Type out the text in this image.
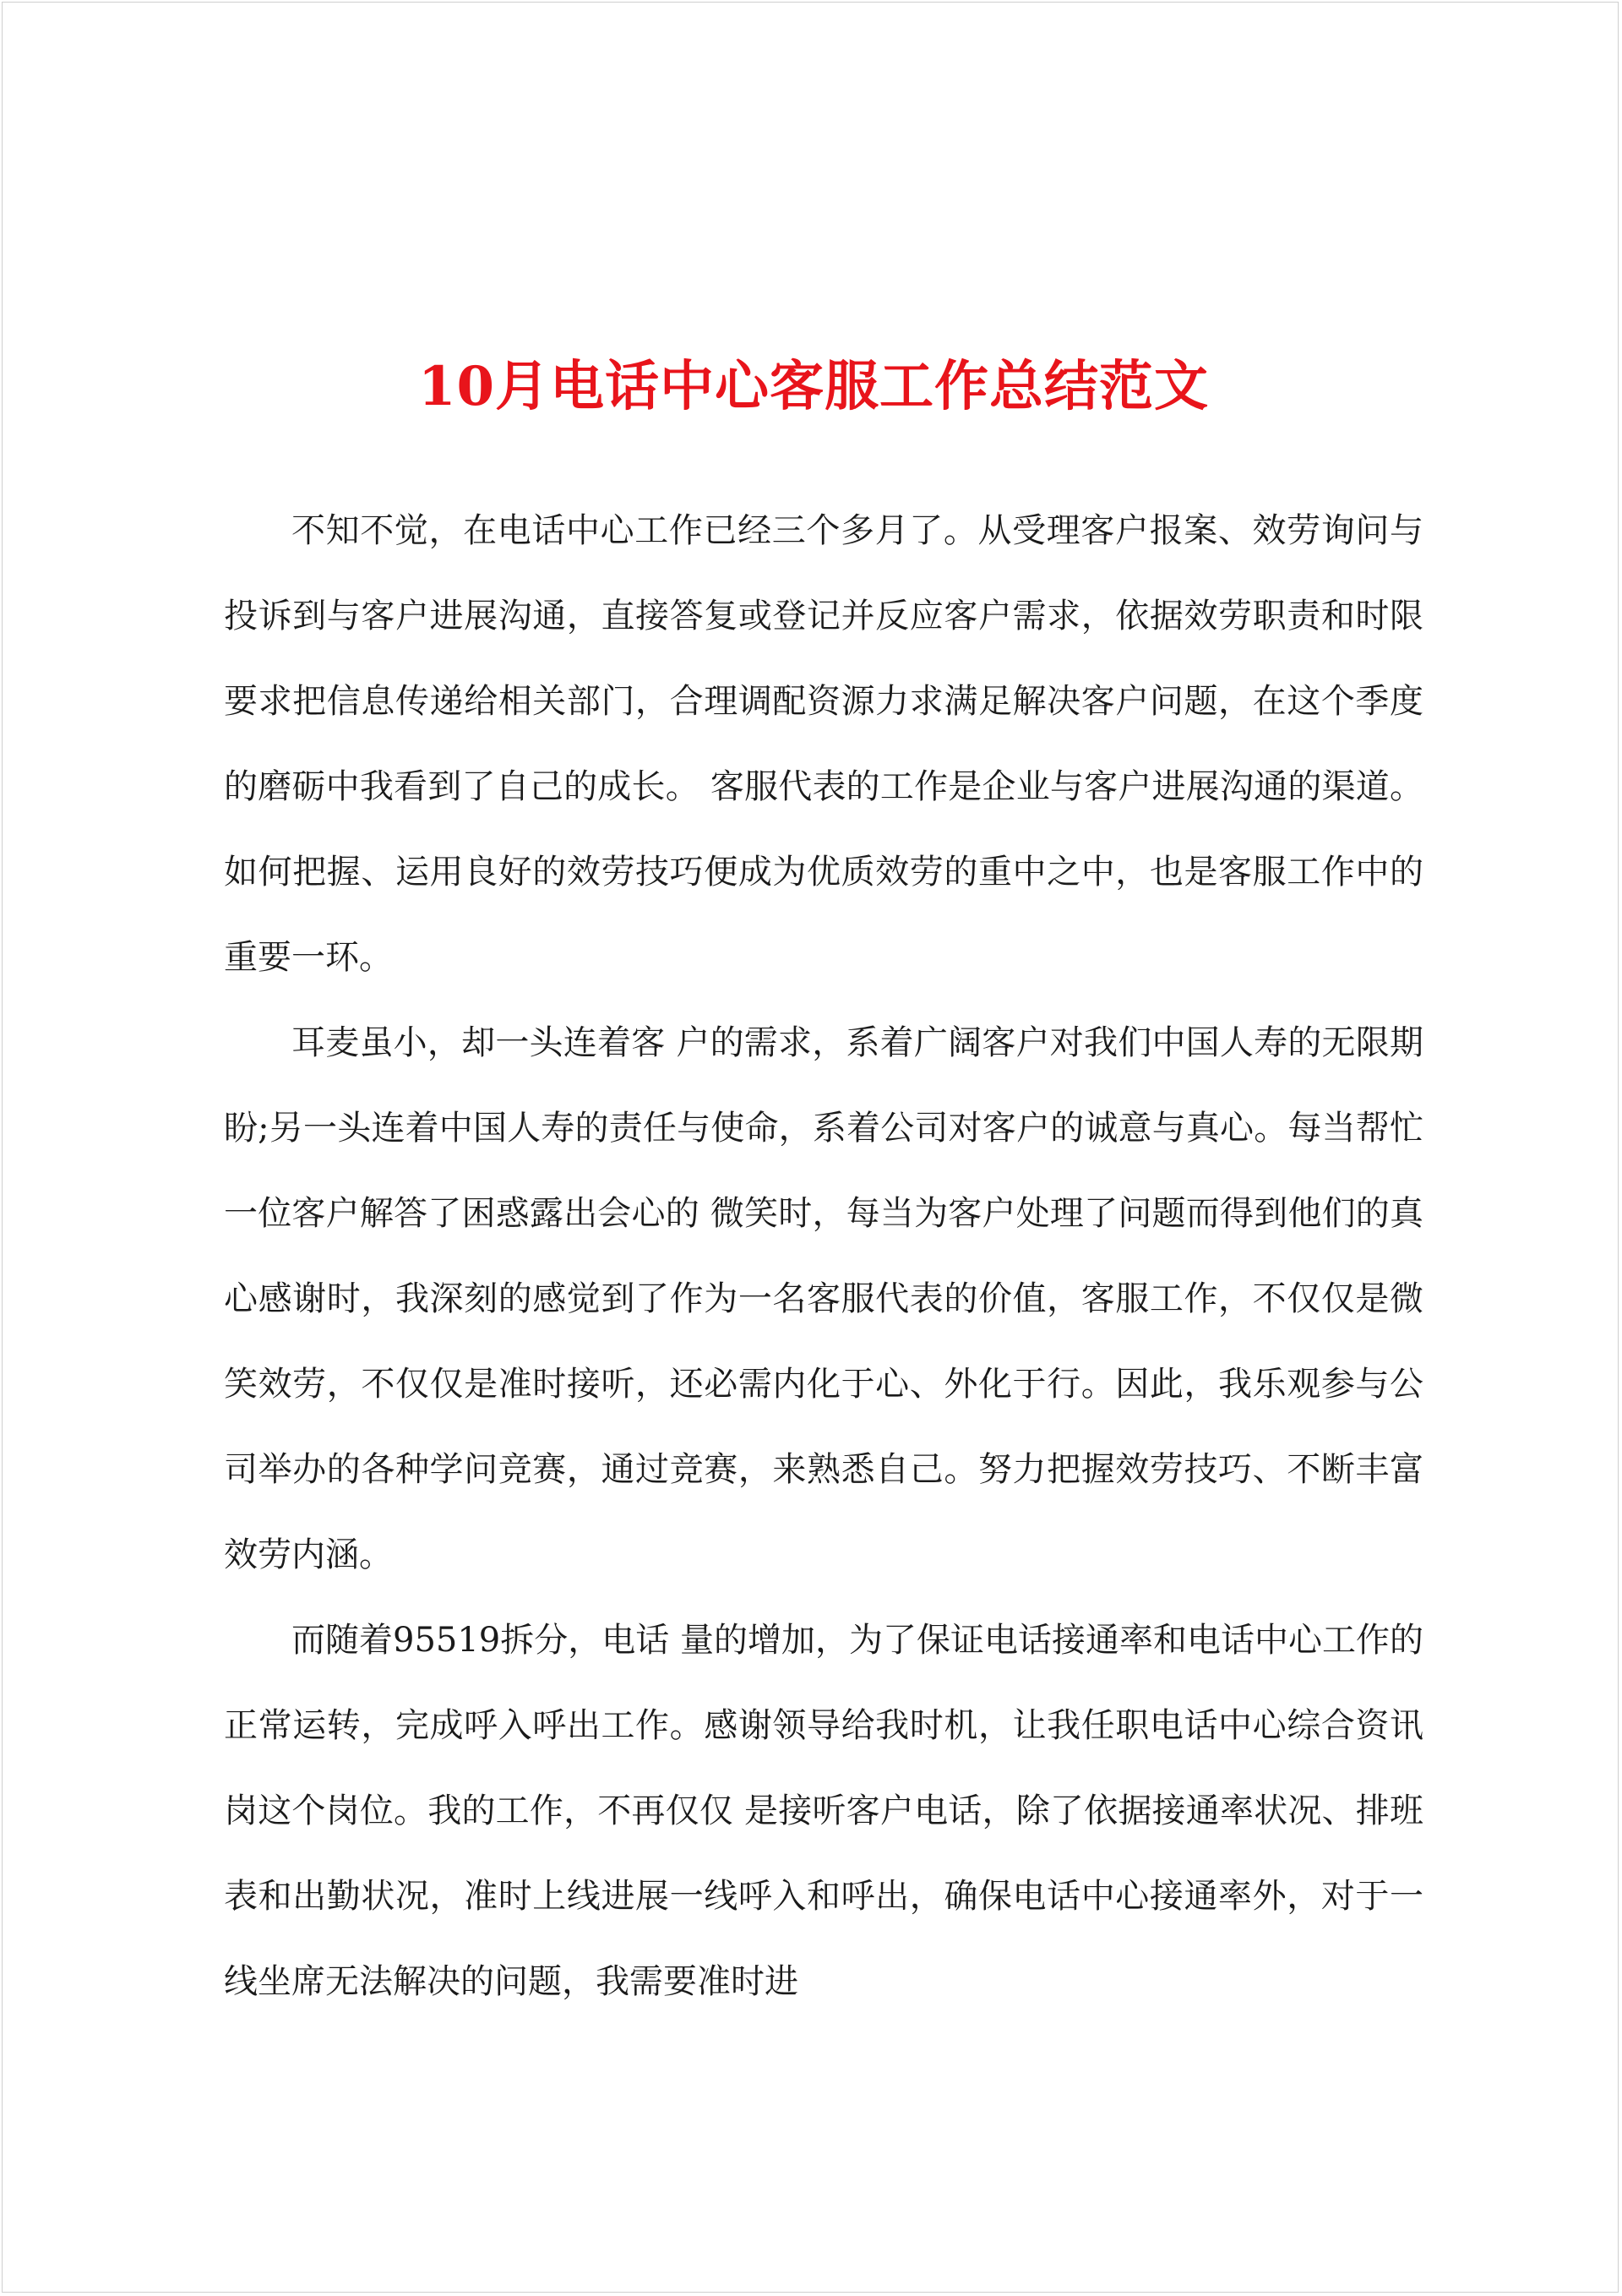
10月电话中心客服工作总结范文

不知不觉，在电话中心工作已经三个多月了。从受理客户报案、效劳询问与投诉到与客户进展沟通，直接答复或登记并反应客户需求，依据效劳职责和时限要求把信息传递给相关部门，合理调配资源力求满足解决客户问题，在这个季度的磨砺中我看到了自己的成长。 客服代表的工作是企业与客户进展沟通的渠道。如何把握、运用良好的效劳技巧便成为优质效劳的重中之中，也是客服工作中的重要一环。

耳麦虽小，却一头连着客 户的需求，系着广阔客户对我们中国人寿的无限期盼;另一头连着中国人寿的责任与使命，系着公司对客户的诚意与真心。每当帮忙一位客户解答了困惑露出会心的 微笑时，每当为客户处理了问题而得到他们的真心感谢时，我深刻的感觉到了作为一名客服代表的价值，客服工作，不仅仅是微笑效劳，不仅仅是准时接听，还必需内化于心、外化于行。因此，我乐观参与公司举办的各种学问竞赛，通过竞赛，来熟悉自己。努力把握效劳技巧、不断丰富效劳内涵。

而随着95519拆分，电话 量的增加，为了保证电话接通率和电话中心工作的正常运转，完成呼入呼出工作。感谢领导给我时机，让我任职电话中心综合资讯岗这个岗位。我的工作，不再仅仅 是接听客户电话，除了依据接通率状况、排班表和出勤状况，准时上线进展一线呼入和呼出，确保电话中心接通率外，对于一线坐席无法解决的问题，我需要准时进
